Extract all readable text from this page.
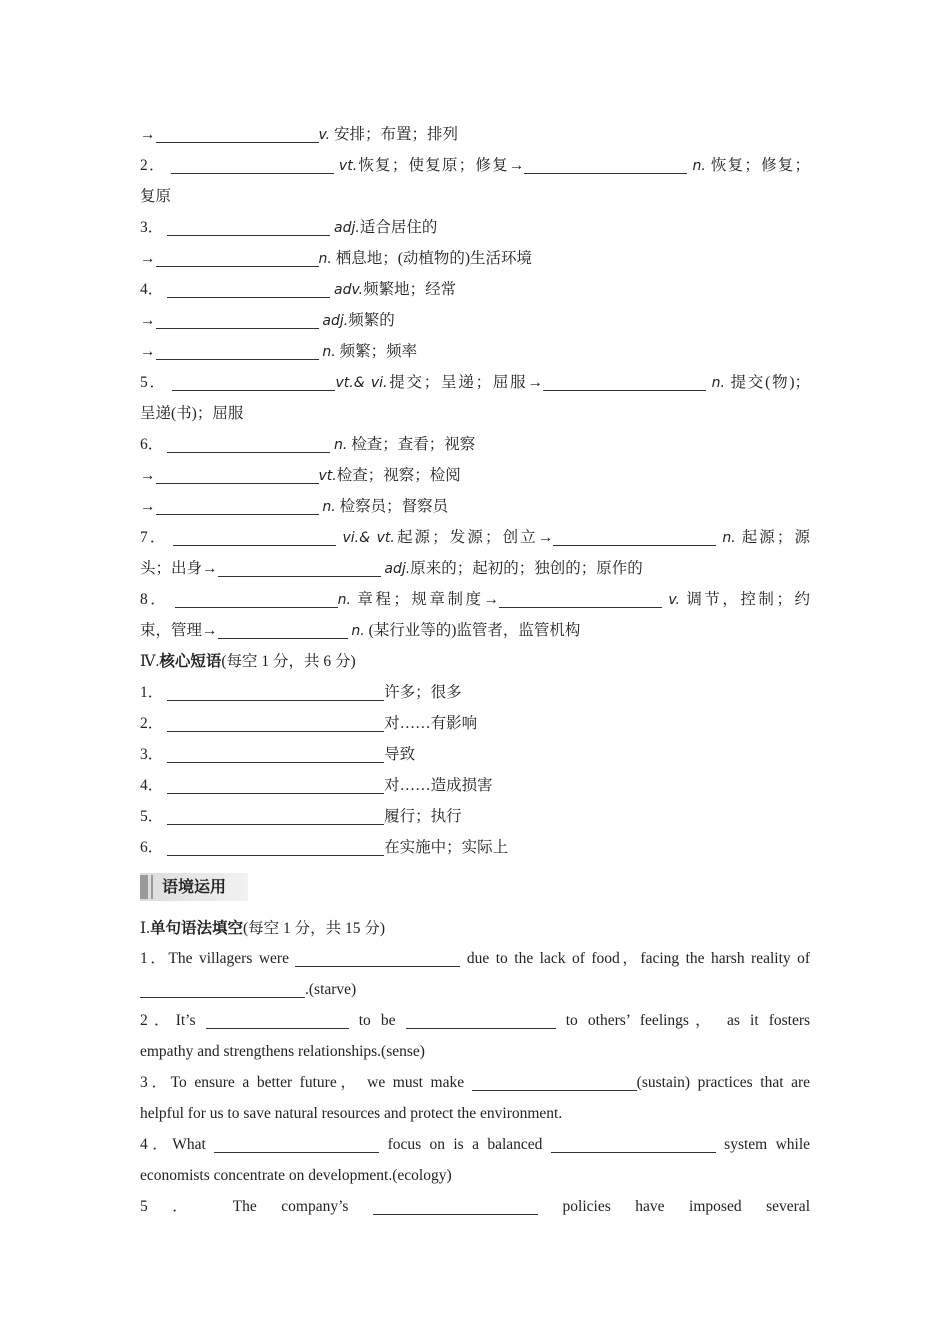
→	v. 安排；布置；排列
2．	vt.恢复；使复原；修复→	n. 恢复；修复；
复原
3．	adj.适合居住的
→	n. 栖息地；(动植物的)生活环境
4．	adv.频繁地；经常
→	adj.频繁的
→	n. 频繁；频率
5．	vt.& vi.提交；呈递；屈服→	n. 提交(物)；
呈递(书)；屈服
6．	n. 检查；查看；视察
→	vt.检查；视察；检阅
→	n. 检察员；督察员
7．	vi.& vt.起源；发源；创立→	n. 起源；源
头；出身→	adj.原来的；起初的；独创的；原作的
8．	n. 章程；规章制度→	v. 调节，控制；约
束，管理→	n. (某行业等的)监管者，监管机构
Ⅳ.核心短语(每空 1 分，共 6 分)
1．	许多；很多
2．	对……有影响
3．	导致
4．	对……造成损害
5．	履行；执行
6．	在实施中；实际上
语境运用
Ⅰ.单句语法填空(每空 1 分，共 15 分)
1．The villagers were	due to the lack of food，facing the harsh reality of
.(starve)
2．It’s	to be	to others’ feelings， as it fosters
empathy and strengthens relationships.(sense)
3．To ensure a better future， we must make	(sustain) practices that are
helpful for us to save natural resources and protect the environment.
4．What	focus on is a balanced	system while
economists concentrate on development.(ecology)
5 ． The company’s	policies have imposed several
